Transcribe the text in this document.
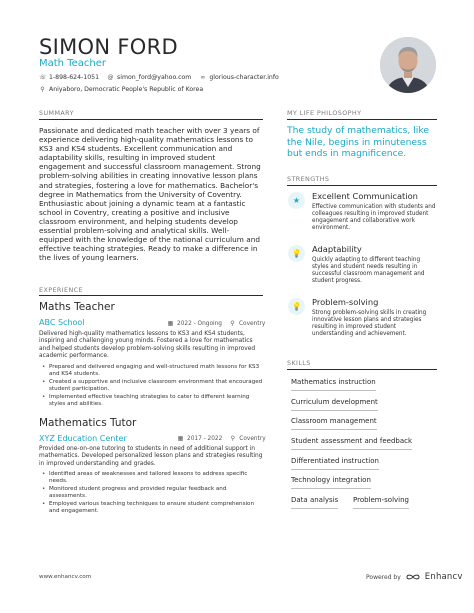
SIMON FORD
Math Teacher
☏ 1-898-624-1051 @ simon_ford@yahoo.com ∞ glorious-character.info
⚲ Aniyaboro, Democratic People's Republic of Korea
SUMMARY
Passionate and dedicated math teacher with over 3 years of experience delivering high-quality mathematics lessons to KS3 and KS4 students. Excellent communication and adaptability skills, resulting in improved student engagement and successful classroom management. Strong problem-solving abilities in creating innovative lesson plans and strategies, fostering a love for mathematics. Bachelor's degree in Mathematics from the University of Coventry. Enthusiastic about joining a dynamic team at a fantastic school in Coventry, creating a positive and inclusive classroom environment, and helping students develop essential problem-solving and analytical skills. Well-equipped with the knowledge of the national curriculum and effective teaching strategies. Ready to make a difference in the lives of young learners.
EXPERIENCE
Maths Teacher
ABC School	▦ 2022 - Ongoing ⚲ Coventry
Delivered high-quality mathematics lessons to KS3 and KS4 students, inspiring and challenging young minds. Fostered a love for mathematics and helped students develop problem-solving skills resulting in improved academic performance.
• Prepared and delivered engaging and well-structured math lessons for KS3 and KS4 students.
• Created a supportive and inclusive classroom environment that encouraged student participation.
• Implemented effective teaching strategies to cater to different learning styles and abilities.
Mathematics Tutor
XYZ Education Center	▦ 2017 - 2022 ⚲ Coventry
Provided one-on-one tutoring to students in need of additional support in mathematics. Developed personalized lesson plans and strategies resulting in improved understanding and grades.
• Identified areas of weaknesses and tailored lessons to address specific needs.
• Monitored student progress and provided regular feedback and assessments.
• Employed various teaching techniques to ensure student comprehension and engagement.
MY LIFE PHILOSOPHY
The study of mathematics, like the Nile, begins in minuteness but ends in magnificence.
STRENGTHS
★	Excellent Communication
Effective communication with students and colleagues resulting in improved student engagement and collaborative work environment.
💡	Adaptability
Quickly adapting to different teaching styles and student needs resulting in successful classroom management and student progress.
💡	Problem-solving
Strong problem-solving skills in creating innovative lesson plans and strategies resulting in improved student understanding and achievement.
SKILLS
Mathematics instruction
Curriculum development
Classroom management
Student assessment and feedback
Differentiated instruction
Technology integration
Data analysis Problem-solving
www.enhancv.com	Powered by	Enhancv
